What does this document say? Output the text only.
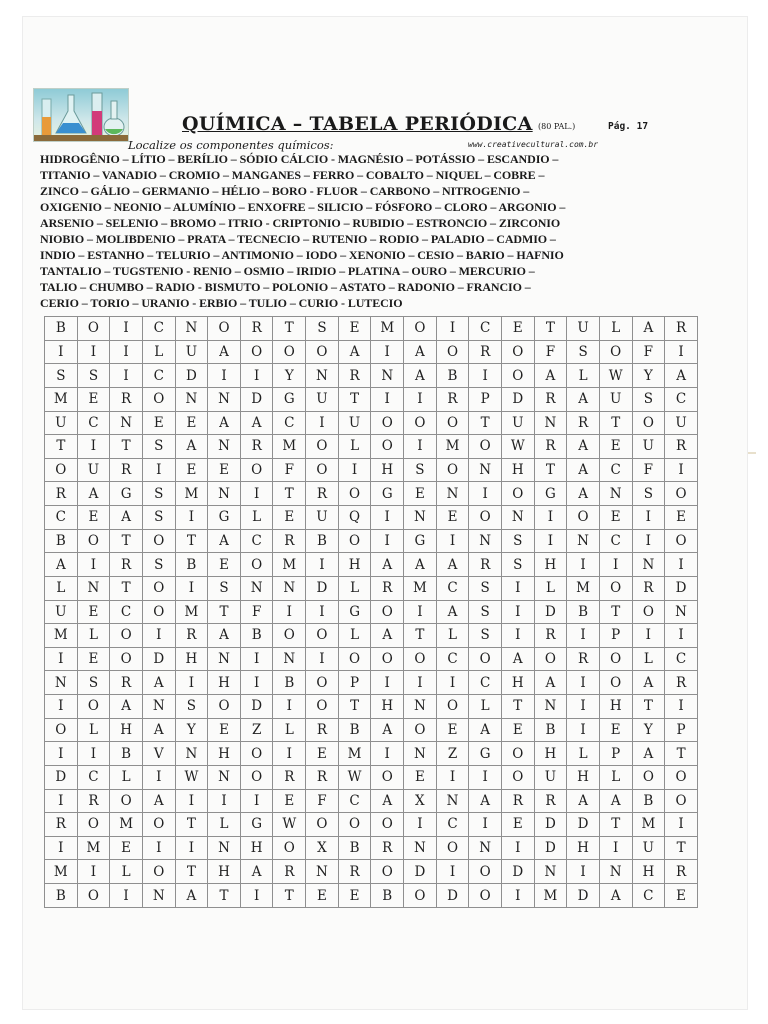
QUÍMICA – TABELA PERIÓDICA (80 PAL.)	Pág. 17
Localize os componentes químicos:	www.creativecultural.com.br
HIDROGÊNIO – LÍTIO – BERÍLIO – SÓDIO CÁLCIO - MAGNÉSIO – POTÁSSIO – ESCANDIO –
TITANIO – VANADIO – CROMIO – MANGANES – FERRO – COBALTO – NIQUEL – COBRE –
ZINCO – GÁLIO – GERMANIO – HÉLIO – BORO - FLUOR – CARBONO – NITROGENIO –
OXIGENIO – NEONIO – ALUMÍNIO – ENXOFRE – SILICIO – FÓSFORO – CLORO – ARGONIO –
ARSENIO – SELENIO – BROMO – ITRIO - CRIPTONIO – RUBIDIO – ESTRONCIO – ZIRCONIO
NIOBIO – MOLIBDENIO – PRATA – TECNECIO – RUTENIO – RODIO – PALADIO – CADMIO –
INDIO – ESTANHO – TELURIO – ANTIMONIO – IODO – XENONIO – CESIO – BARIO – HAFNIO
TANTALIO – TUGSTENIO - RENIO – OSMIO – IRIDIO – PLATINA – OURO – MERCURIO –
TALIO – CHUMBO – RADIO - BISMUTO – POLONIO – ASTATO – RADONIO – FRANCIO –
CERIO – TORIO – URANIO - ERBIO – TULIO – CURIO - LUTECIO
B	O	I	C	N	O	R	T	S	E	M	O	I	C	E	T	U	L	A	R
I	I	I	L	U	A	O	O	O	A	I	A	O	R	O	F	S	O	F	I
S	S	I	C	D	I	I	Y	N	R	N	A	B	I	O	A	L	W	Y	A
M	E	R	O	N	N	D	G	U	T	I	I	R	P	D	R	A	U	S	C
U	C	N	E	E	A	A	C	I	U	O	O	O	T	U	N	R	T	O	U
T	I	T	S	A	N	R	M	O	L	O	I	M	O	W	R	A	E	U	R
O	U	R	I	E	E	O	F	O	I	H	S	O	N	H	T	A	C	F	I
R	A	G	S	M	N	I	T	R	O	G	E	N	I	O	G	A	N	S	O
C	E	A	S	I	G	L	E	U	Q	I	N	E	O	N	I	O	E	I	E
B	O	T	O	T	A	C	R	B	O	I	G	I	N	S	I	N	C	I	O
A	I	R	S	B	E	O	M	I	H	A	A	A	R	S	H	I	I	N	I
L	N	T	O	I	S	N	N	D	L	R	M	C	S	I	L	M	O	R	D
U	E	C	O	M	T	F	I	I	G	O	I	A	S	I	D	B	T	O	N
M	L	O	I	R	A	B	O	O	L	A	T	L	S	I	R	I	P	I	I
I	E	O	D	H	N	I	N	I	O	O	O	C	O	A	O	R	O	L	C
N	S	R	A	I	H	I	B	O	P	I	I	I	C	H	A	I	O	A	R
I	O	A	N	S	O	D	I	O	T	H	N	O	L	T	N	I	H	T	I
O	L	H	A	Y	E	Z	L	R	B	A	O	E	A	E	B	I	E	Y	P
I	I	B	V	N	H	O	I	E	M	I	N	Z	G	O	H	L	P	A	T
D	C	L	I	W	N	O	R	R	W	O	E	I	I	O	U	H	L	O	O
I	R	O	A	I	I	I	E	F	C	A	X	N	A	R	R	A	A	B	O
R	O	M	O	T	L	G	W	O	O	O	I	C	I	E	D	D	T	M	I
I	M	E	I	I	N	H	O	X	B	R	N	O	N	I	D	H	I	U	T
M	I	L	O	T	H	A	R	N	R	O	D	I	O	D	N	I	N	H	R
B	O	I	N	A	T	I	T	E	E	B	O	D	O	I	M	D	A	C	E
